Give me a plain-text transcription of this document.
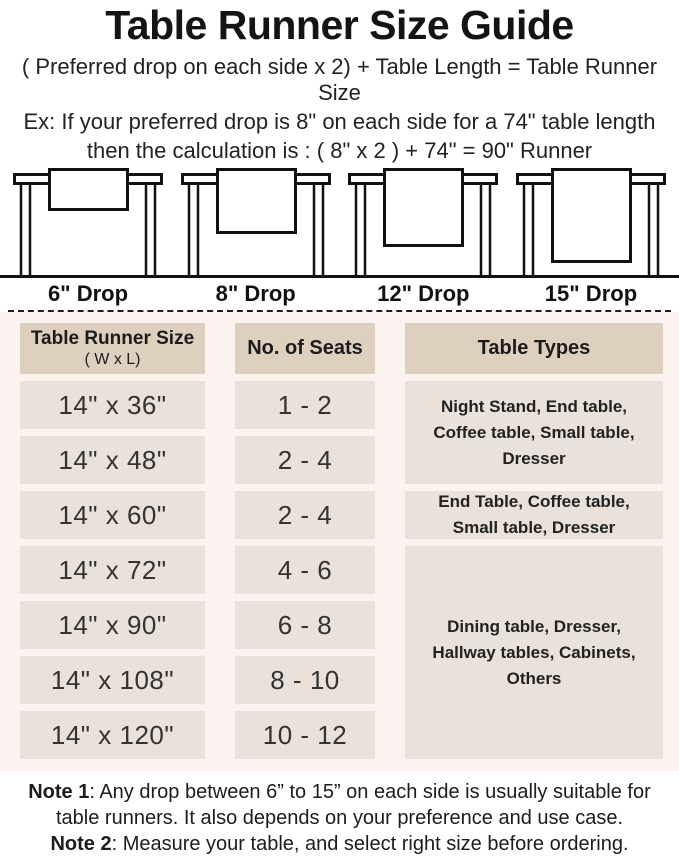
Table Runner Size Guide

( Preferred drop on each side x 2) + Table Length = Table Runner Size

Ex: If your preferred drop is 8" on each side for a 74" table length

then the calculation is : ( 8" x 2 ) + 74" = 90" Runner

6" Drop	8" Drop	12" Drop	15" Drop
Table Runner Size
( W x L)
No. of Seats	Table Types
14" x 36"	1 - 2	Night Stand, End table, Coffee table, Small table, Dresser
14" x 48"	2 - 4
14" x 60"	2 - 4	End Table, Coffee table, Small table, Dresser
14" x 72"	4 - 6
Dining table, Dresser, Hallway tables, Cabinets, Others
14" x 90"	6 - 8
14" x 108"	8 - 10
14" x 120"	10 - 12

Note 1: Any drop between 6” to 15” on each side is usually suitable for table runners. It also depends on your preference and use case.

Note 2: Measure your table, and select right size before ordering.
